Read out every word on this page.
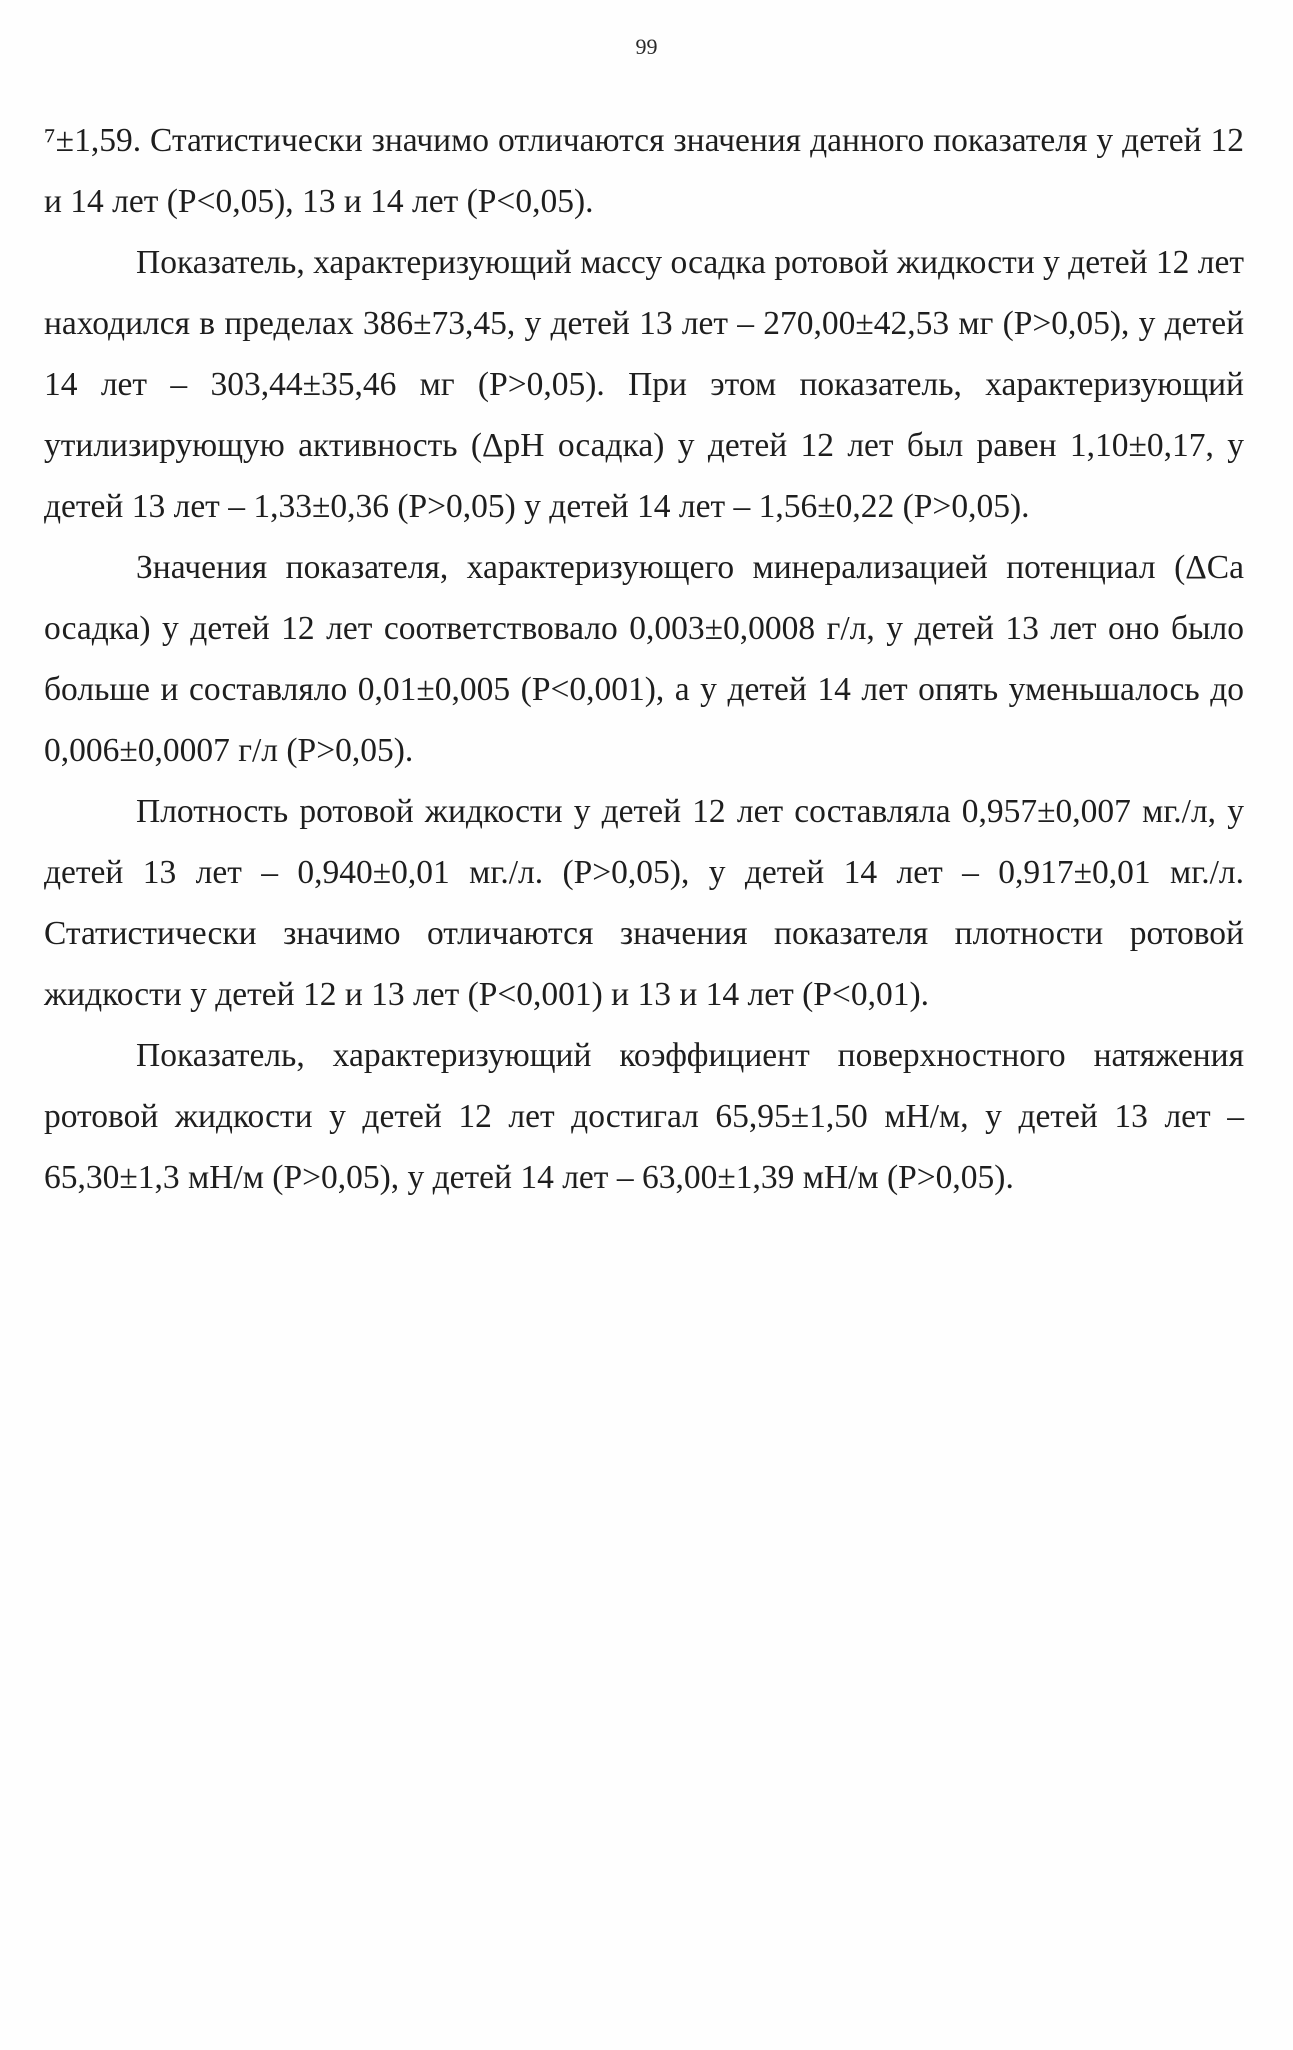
99

⁷±1,59. Статистически значимо отличаются значения данного показателя у детей 12 и 14 лет (Р<0,05), 13 и 14 лет (Р<0,05).

Показатель, характеризующий массу осадка ротовой жидкости у детей 12 лет находился в пределах 386±73,45, у детей 13 лет – 270,00±42,53 мг (Р>0,05), у детей 14 лет – 303,44±35,46 мг (Р>0,05). При этом показатель, характеризующий утилизирующую активность (ΔрН осадка) у детей 12 лет был равен 1,10±0,17, у детей 13 лет – 1,33±0,36 (Р>0,05) у детей 14 лет – 1,56±0,22 (Р>0,05).

Значения показателя, характеризующего минерализацией потенциал (ΔСа осадка) у детей 12 лет соответствовало 0,003±0,0008 г/л, у детей 13 лет оно было больше и составляло 0,01±0,005 (Р<0,001), а у детей 14 лет опять уменьшалось до 0,006±0,0007 г/л (Р>0,05).

Плотность ротовой жидкости у детей 12 лет составляла 0,957±0,007 мг./л, у детей 13 лет – 0,940±0,01 мг./л. (Р>0,05), у детей 14 лет – 0,917±0,01 мг./л. Статистически значимо отличаются значения показателя плотности ротовой жидкости у детей 12 и 13 лет (Р<0,001) и 13 и 14 лет (Р<0,01).

Показатель, характеризующий коэффициент поверхностного натяжения ротовой жидкости у детей 12 лет достигал 65,95±1,50 мН/м, у детей 13 лет – 65,30±1,3 мН/м (Р>0,05), у детей 14 лет – 63,00±1,39 мН/м (Р>0,05).
